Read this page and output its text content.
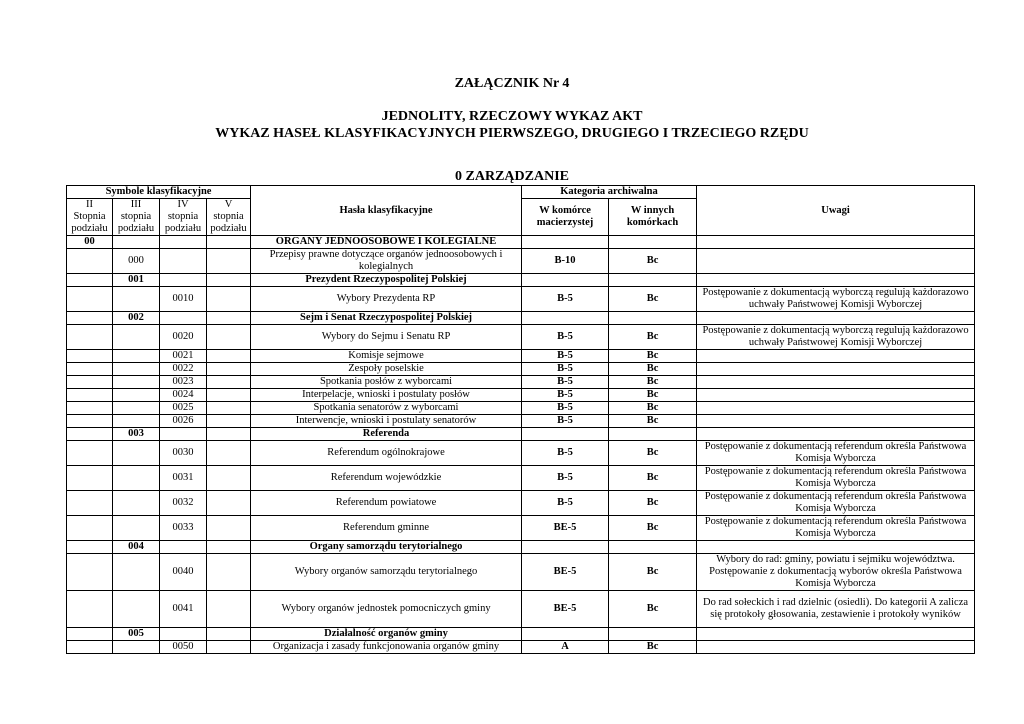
ZAŁĄCZNIK Nr 4
JEDNOLITY, RZECZOWY WYKAZ AKT
WYKAZ HASEŁ KLASYFIKACYJNYCH PIERWSZEGO, DRUGIEGO I TRZECIEGO RZĘDU
0 ZARZĄDZANIE
Symbole klasyfikacyjne				Hasła klasyfikacyjne	Kategoria archiwalna		Uwagi
II Stopnia podziału	III stopnia podziału	IV stopnia podziału	V stopnia podziału		W komórce macierzystej	W innych komórkach	
00				ORGANY JEDNOOSOBOWE I KOLEGIALNE			
	000			Przepisy prawne dotyczące organów jednoosobowych i kolegialnych	B-10	Bc	
	001			Prezydent Rzeczypospolitej Polskiej			
		0010		Wybory Prezydenta RP	B-5	Bc	Postępowanie z dokumentacją wyborczą regulują każdorazowo uchwały Państwowej Komisji Wyborczej
	002			Sejm i Senat Rzeczypospolitej Polskiej			
		0020		Wybory do Sejmu i Senatu RP	B-5	Bc	Postępowanie z dokumentacją wyborczą regulują każdorazowo uchwały Państwowej Komisji Wyborczej
		0021		Komisje sejmowe	B-5	Bc	
		0022		Zespoły poselskie	B-5	Bc	
		0023		Spotkania posłów z wyborcami	B-5	Bc	
		0024		Interpelacje, wnioski i postulaty posłów	B-5	Bc	
		0025		Spotkania senatorów z wyborcami	B-5	Bc	
		0026		Interwencje, wnioski i postulaty senatorów	B-5	Bc	
	003			Referenda			
		0030		Referendum ogólnokrajowe	B-5	Bc	Postępowanie z dokumentacją referendum określa Państwowa Komisja Wyborcza
		0031		Referendum wojewódzkie	B-5	Bc	Postępowanie z dokumentacją referendum określa Państwowa Komisja Wyborcza
		0032		Referendum powiatowe	B-5	Bc	Postępowanie z dokumentacją referendum określa Państwowa Komisja Wyborcza
		0033		Referendum gminne	BE-5	Bc	Postępowanie z dokumentacją referendum określa Państwowa Komisja Wyborcza
	004			Organy samorządu terytorialnego			
		0040		Wybory organów samorządu terytorialnego	BE-5	Bc	Wybory do rad: gminy, powiatu i sejmiku województwa. Postępowanie z dokumentacją wyborów określa Państwowa Komisja Wyborcza
		0041		Wybory organów jednostek pomocniczych gminy	BE-5	Bc	Do rad sołeckich i rad dzielnic (osiedli). Do kategorii A zalicza się protokoły głosowania, zestawienie i protokoły wyników
	005			Działalność organów gminy			
		0050		Organizacja i zasady funkcjonowania organów gminy	A	Bc	
